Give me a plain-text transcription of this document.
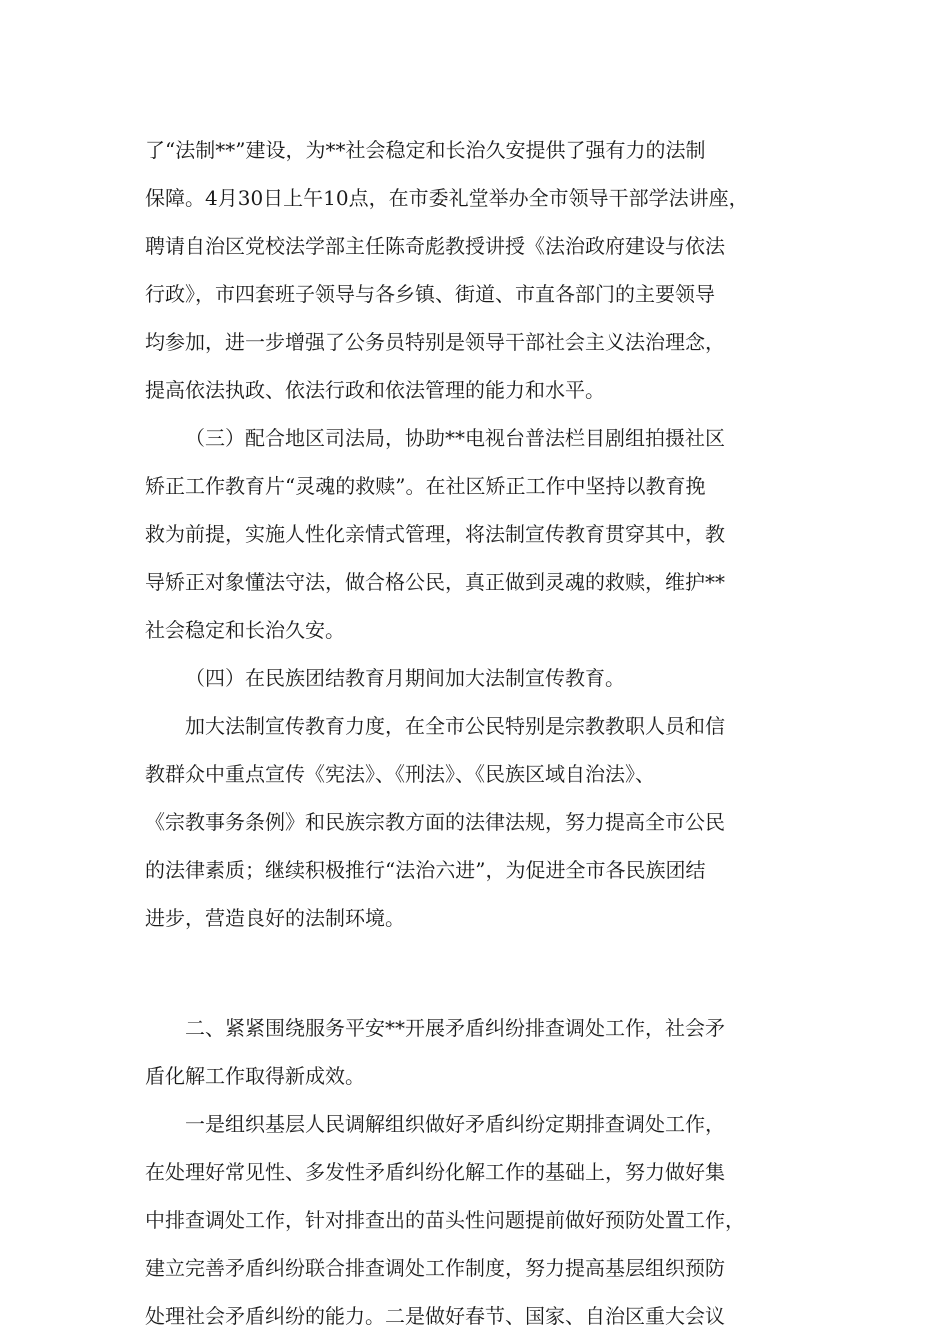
了“法制**”建设，为**社会稳定和长治久安提供了强有力的法制
保障。4月30日上午10点，在市委礼堂举办全市领导干部学法讲座，
聘请自治区党校法学部主任陈奇彪教授讲授《法治政府建设与依法
行政》，市四套班子领导与各乡镇、街道、市直各部门的主要领导
均参加，进一步增强了公务员特别是领导干部社会主义法治理念，
提高依法执政、依法行政和依法管理的能力和水平。
（三）配合地区司法局，协助**电视台普法栏目剧组拍摄社区
矫正工作教育片“灵魂的救赎”。在社区矫正工作中坚持以教育挽
救为前提，实施人性化亲情式管理，将法制宣传教育贯穿其中，教
导矫正对象懂法守法，做合格公民，真正做到灵魂的救赎，维护**
社会稳定和长治久安。
（四）在民族团结教育月期间加大法制宣传教育。
加大法制宣传教育力度，在全市公民特别是宗教教职人员和信
教群众中重点宣传《宪法》、《刑法》、《民族区域自治法》、
《宗教事务条例》和民族宗教方面的法律法规，努力提高全市公民
的法律素质；继续积极推行“法治六进”，为促进全市各民族团结
进步，营造良好的法制环境。
二、紧紧围绕服务平安**开展矛盾纠纷排查调处工作，社会矛
盾化解工作取得新成效。
一是组织基层人民调解组织做好矛盾纠纷定期排查调处工作，
在处理好常见性、多发性矛盾纠纷化解工作的基础上，努力做好集
中排查调处工作，针对排查出的苗头性问题提前做好预防处置工作，
建立完善矛盾纠纷联合排查调处工作制度，努力提高基层组织预防
处理社会矛盾纠纷的能力。二是做好春节、国家、自治区重大会议
